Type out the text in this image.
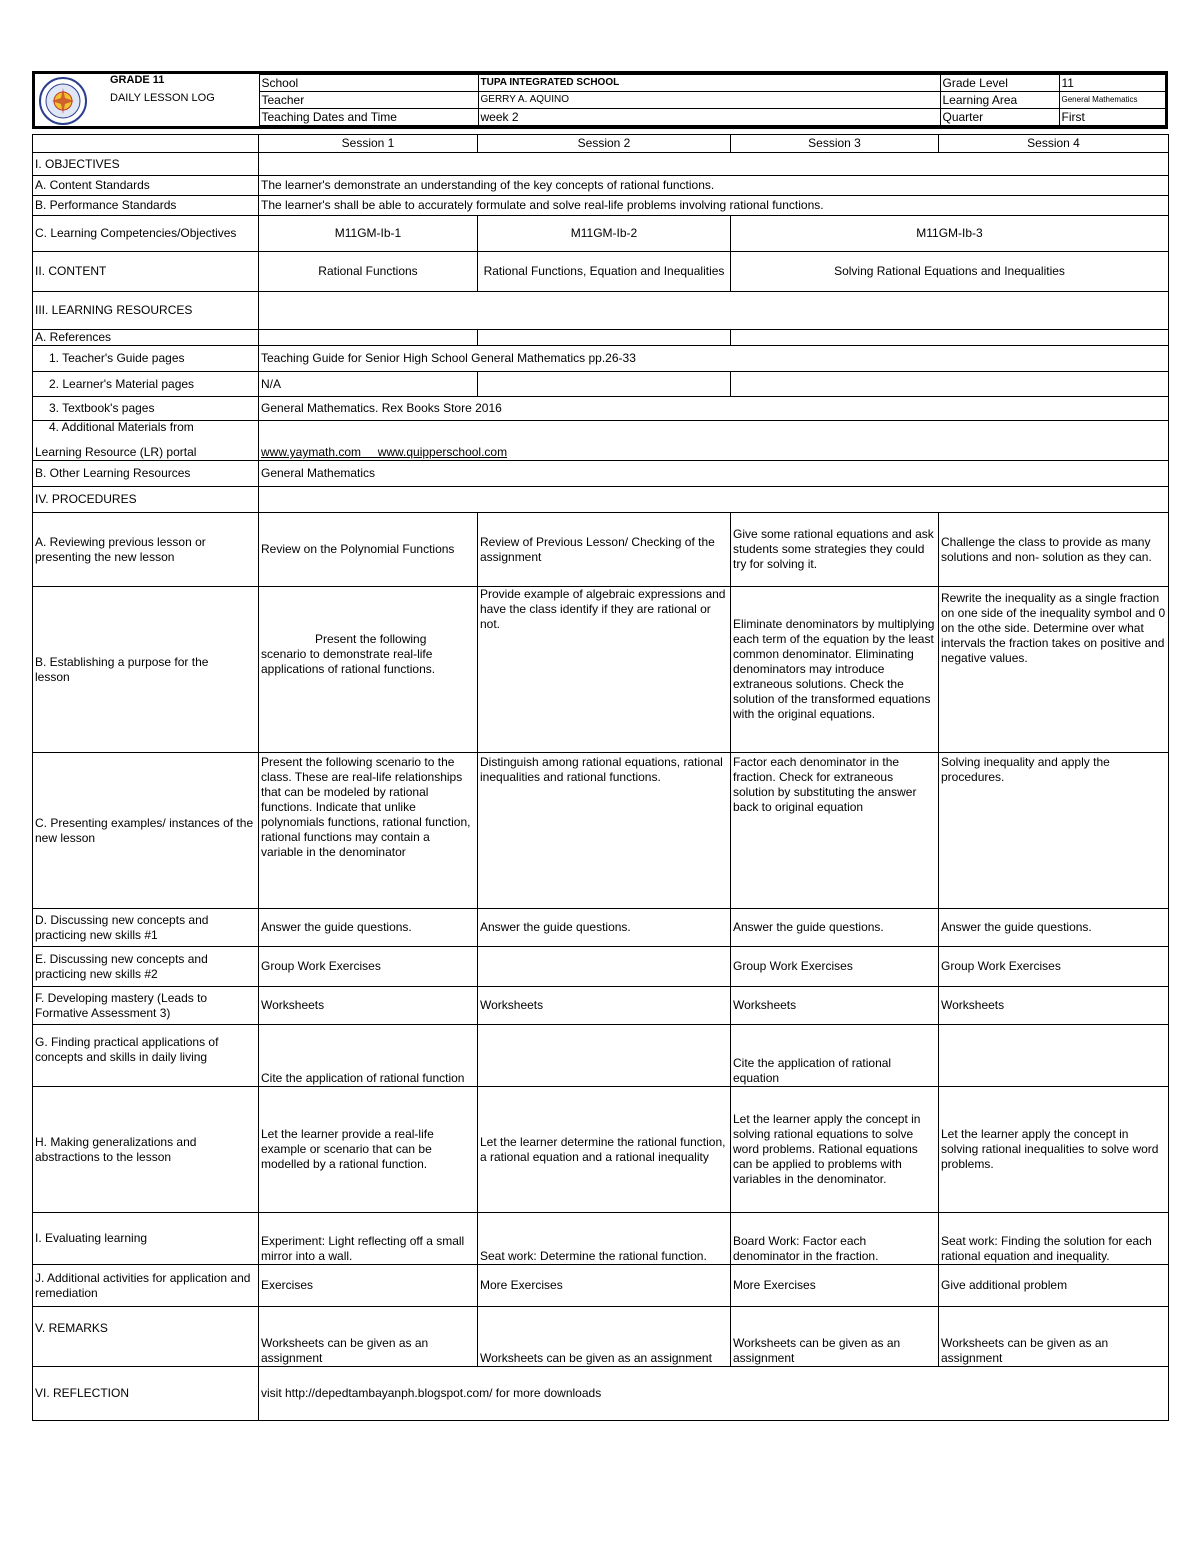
GRADE 11
DAILY LESSON LOG
	School	TUPA INTEGRATED SCHOOL	Grade Level	11
	Teacher	GERRY A. AQUINO	Learning Area	General Mathematics
	Teaching Dates and Time	week 2	Quarter	First
	Session 1	Session 2	Session 3	Session 4
I. OBJECTIVES				
A. Content Standards	The learner's demonstrate an understanding of the key concepts of rational functions.			
B. Performance Standards	The learner's shall be able to accurately formulate and solve real-life problems involving rational functions.			
C. Learning Competencies/Objectives	M11GM-Ib-1	M11GM-Ib-2	M11GM-Ib-3	
II. CONTENT	Rational Functions	Rational Functions, Equation and Inequalities	Solving Rational Equations and Inequalities	
III. LEARNING RESOURCES				
A. References				
1. Teacher's Guide pages	Teaching Guide for Senior High School General Mathematics pp.26-33			
2. Learner's Material pages	N/A			
3. Textbook's pages	General Mathematics. Rex Books Store 2016			

4. Additional Materials from
Learning Resource (LR) portal	www.yaymath.com     www.quipperschool.com			
B. Other Learning Resources	General Mathematics			
IV. PROCEDURES				
A. Reviewing previous lesson or presenting the new lesson	Review on the Polynomial Functions	Review of Previous Lesson/ Checking of the assignment	Give some rational equations and ask students some strategies they could try for solving it.	Challenge the class to provide as many solutions and non- solution as they can.

B. Establishing a purpose for the lesson	Present the following scenario to demonstrate real-life applications of rational functions.	Provide example of algebraic expressions and have the class identify if they are rational or not.	Eliminate denominators by multiplying each term of the equation by the least common denominator. Eliminating denominators may introduce extraneous solutions. Check the solution of the transformed equations with the original equations.	Rewrite the inequality as a single fraction on one side of the inequality symbol and 0 on the othe side. Determine over what intervals the fraction takes on positive and negative values.

C. Presenting examples/ instances of the new lesson	Present the following scenario to the class. These are real-life relationships that can be modeled by rational functions. Indicate that unlike polynomials functions, rational function, rational functions may contain a variable in the denominator	Distinguish among rational equations, rational inequalities and rational functions.	Factor each denominator in the fraction. Check for extraneous solution by substituting the answer back to original equation	Solving inequality and apply the procedures.

D. Discussing new concepts and practicing new skills #1	Answer the guide questions.	Answer the guide questions.	Answer the guide questions.	Answer the guide questions.
E. Discussing new concepts and practicing new skills #2	Group Work Exercises		Group Work Exercises	Group Work Exercises
F. Developing mastery (Leads to Formative Assessment 3)	Worksheets	Worksheets	Worksheets	Worksheets

G. Finding practical applications of concepts and skills in daily living	Cite the application of rational function		Cite the application of rational equation	
H. Making generalizations and abstractions to the lesson	Let the learner provide a real-life example or scenario that can be modelled by a rational function.	Let the learner determine the rational function, a rational equation and a rational inequality	Let the learner apply the concept in solving rational equations to solve word problems. Rational equations can be applied to problems with variables in the denominator.	Let the learner apply the concept in solving rational inequalities to solve word problems.
I. Evaluating learning	Experiment: Light reflecting off a small mirror into a wall.	Seat work: Determine the rational function.	Board Work: Factor each denominator in the fraction.	Seat work: Finding the solution for each rational equation and inequality.
J. Additional activities for application and remediation	Exercises	More Exercises	More Exercises	Give additional problem

V. REMARKS	Worksheets can be given as an assignment	Worksheets can be given as an assignment	Worksheets can be given as an assignment	Worksheets can be given as an assignment
VI. REFLECTION	visit http://depedtambayanph.blogspot.com/ for more downloads			
